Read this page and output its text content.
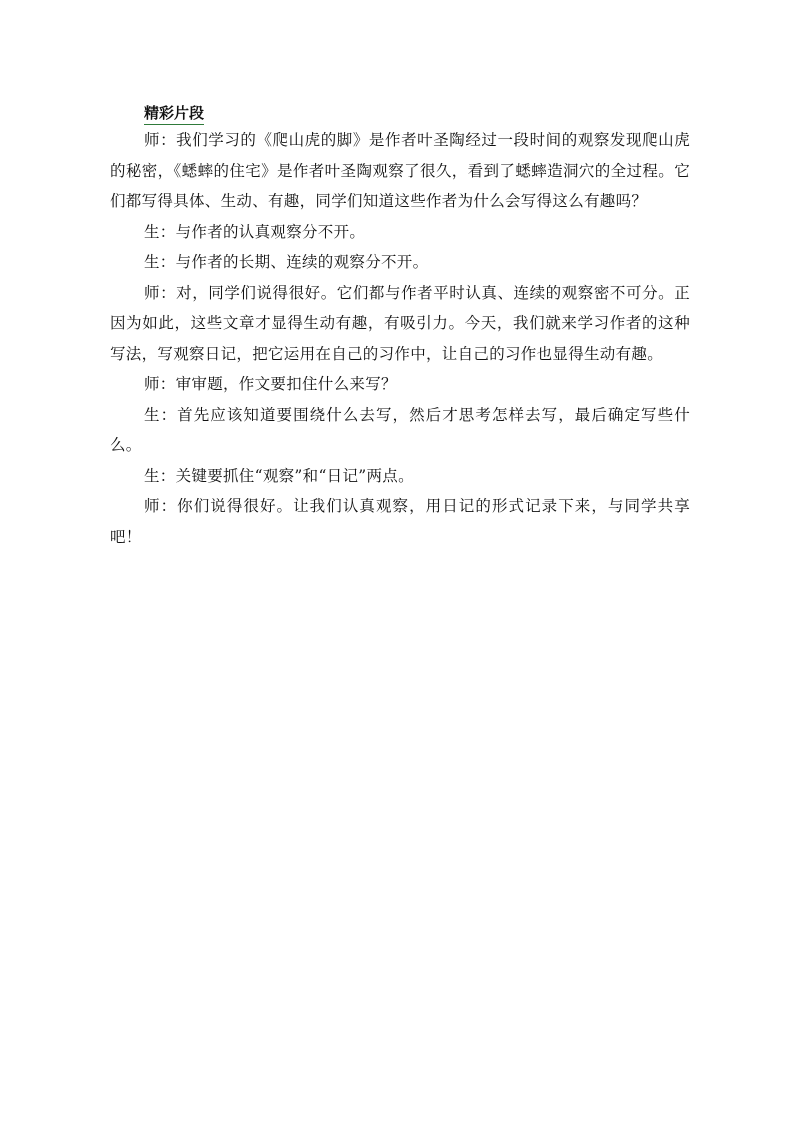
精彩片段

师：我们学习的《爬山虎的脚》是作者叶圣陶经过一段时间的观察发现爬山虎的秘密，《蟋蟀的住宅》是作者叶圣陶观察了很久，看到了蟋蟀造洞穴的全过程。它们都写得具体、生动、有趣，同学们知道这些作者为什么会写得这么有趣吗？

生：与作者的认真观察分不开。

生：与作者的长期、连续的观察分不开。

师：对，同学们说得很好。它们都与作者平时认真、连续的观察密不可分。正因为如此，这些文章才显得生动有趣，有吸引力。今天，我们就来学习作者的这种写法，写观察日记，把它运用在自己的习作中，让自己的习作也显得生动有趣。

师：审审题，作文要扣住什么来写？

生：首先应该知道要围绕什么去写，然后才思考怎样去写，最后确定写些什么。

生：关键要抓住“观察”和“日记”两点。

师：你们说得很好。让我们认真观察，用日记的形式记录下来，与同学共享吧！
